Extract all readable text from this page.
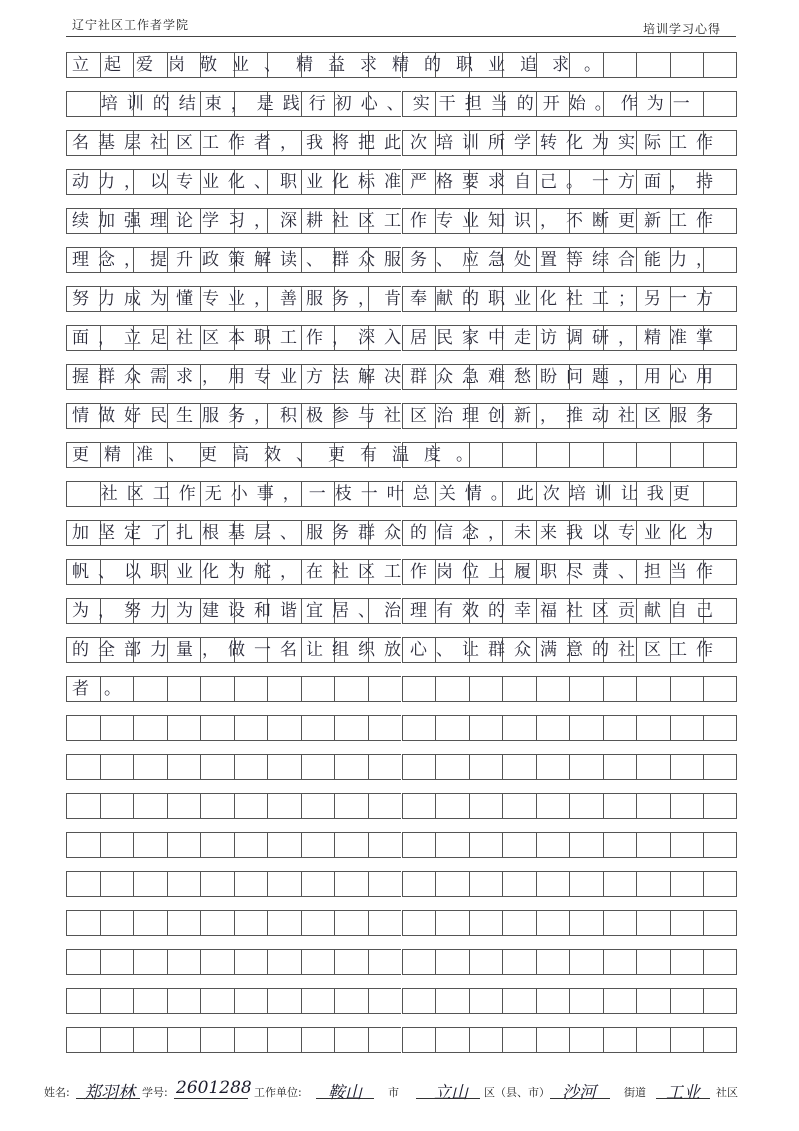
辽宁社区工作者学院	培训学习心得
立起爱岗敬业、精益求精的职业追求。
培训的结束，是践行初心、实干担当的开始。作为一
名基层社区工作者，我将把此次培训所学转化为实际工作
动力，以专业化、职业化标准严格要求自己。一方面，持
续加强理论学习，深耕社区工作专业知识，不断更新工作
理念，提升政策解读、群众服务、应急处置等综合能力，
努力成为懂专业，善服务，肯奉献的职业化社工；另一方
面，立足社区本职工作，深入居民家中走访调研，精准掌
握群众需求，用专业方法解决群众急难愁盼问题，用心用
情做好民生服务，积极参与社区治理创新，推动社区服务
更精准、更高效、更有温度。
社区工作无小事，一枝一叶总关情。此次培训让我更
加坚定了扎根基层、服务群众的信念，未来我以专业化为
帆、以职业化为舵，在社区工作岗位上履职尽责、担当作
为，努力为建设和谐宜居、治理有效的幸福社区贡献自己
的全部力量，做一名让组织放心、让群众满意的社区工作
者。
姓名: 郑羽林 学号: 2601288 工作单位: 鞍山 市 立山 区（县、市） 沙河	街道 工业 社区
